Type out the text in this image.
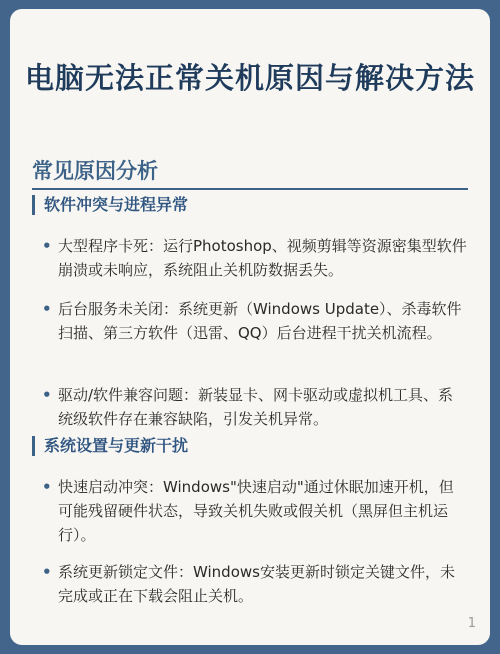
电脑无法正常关机原因与解决方法
常见原因分析
软件冲突与进程异常
• 大型程序卡死：运行Photoshop、视频剪辑等资源密集型软件崩溃或未响应，系统阻止关机防数据丢失。
• 后台服务未关闭：系统更新（Windows Update）、杀毒软件扫描、第三方软件（迅雷、QQ）后台进程干扰关机流程。
• 驱动/软件兼容问题：新装显卡、网卡驱动或虚拟机工具、系统级软件存在兼容缺陷，引发关机异常。
系统设置与更新干扰
• 快速启动冲突：Windows"快速启动"通过休眠加速开机，但可能残留硬件状态，导致关机失败或假关机（黑屏但主机运行）。
• 系统更新锁定文件：Windows安装更新时锁定关键文件，未完成或正在下载会阻止关机。
1
